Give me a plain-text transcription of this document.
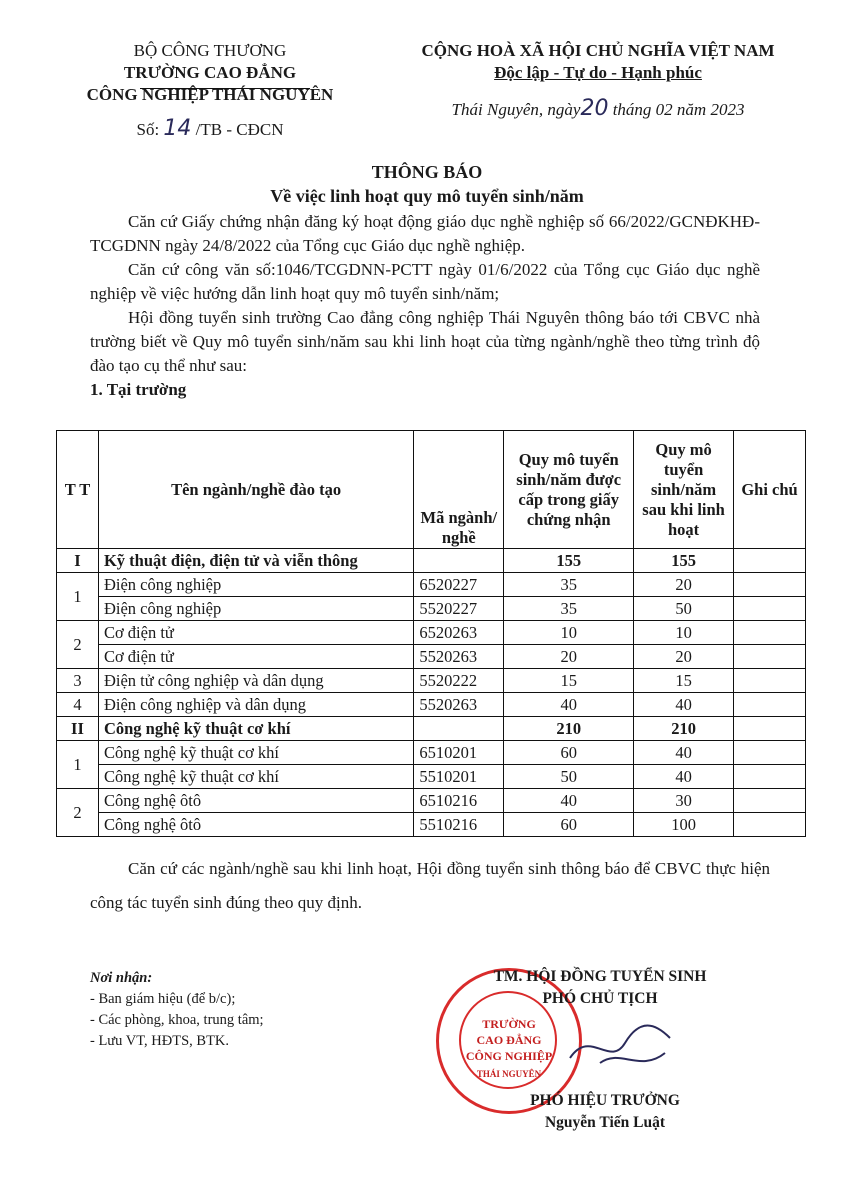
BỘ CÔNG THƯƠNG
TRƯỜNG CAO ĐẲNG
CÔNG NGHIỆP THÁI NGUYÊN
Số: 14 /TB - CĐCN
CỘNG HOÀ XÃ HỘI CHỦ NGHĨA VIỆT NAM
Độc lập - Tự do - Hạnh phúc
Thái Nguyên, ngày20 tháng 02 năm 2023
THÔNG BÁO
Về việc linh hoạt quy mô tuyển sinh/năm
Căn cứ Giấy chứng nhận đăng ký hoạt động giáo dục nghề nghiệp số 66/2022/GCNĐKHĐ-TCGDNN ngày 24/8/2022 của Tổng cục Giáo dục nghề nghiệp.
Căn cứ công văn số:1046/TCGDNN-PCTT ngày 01/6/2022 của Tổng cục Giáo dục nghề nghiệp về việc hướng dẫn linh hoạt quy mô tuyển sinh/năm;
Hội đồng tuyển sinh trường Cao đẳng công nghiệp Thái Nguyên thông báo tới CBVC nhà trường biết về Quy mô tuyển sinh/năm sau khi linh hoạt của từng ngành/nghề theo từng trình độ đào tạo cụ thể như sau:
1. Tại trường
T T	Tên ngành/nghề đào tạo	Mã ngành/ nghề	Quy mô tuyển sinh/năm được cấp trong giấy chứng nhận	Quy mô tuyển sinh/năm sau khi linh hoạt	Ghi chú
I	Kỹ thuật điện, điện tử và viễn thông		155	155	
1	Điện công nghiệp	6520227	35	20	
	Điện công nghiệp	5520227	35	50	
2	Cơ điện tử	6520263	10	10	
	Cơ điện tử	5520263	20	20	
3	Điện tử công nghiệp và dân dụng	5520222	15	15	
4	Điện công nghiệp và dân dụng	5520263	40	40	
II	Công nghệ kỹ thuật cơ khí		210	210	
1	Công nghệ kỹ thuật cơ khí	6510201	60	40	
	Công nghệ kỹ thuật cơ khí	5510201	50	40	
2	Công nghệ ôtô	6510216	40	30	
	Công nghệ ôtô	5510216	60	100	
Căn cứ các ngành/nghề sau khi linh hoạt, Hội đồng tuyển sinh thông báo để CBVC thực hiện công tác tuyển sinh đúng theo quy định.
Nơi nhận:
- Ban giám hiệu (để b/c);
- Các phòng, khoa, trung tâm;
- Lưu VT, HĐTS, BTK.
TRƯỜNG
CAO ĐẲNG
CÔNG NGHIỆP
THÁI NGUYÊN
TM. HỘI ĐỒNG TUYỂN SINH
PHÓ CHỦ TỊCH
PHÓ HIỆU TRƯỞNG
Nguyễn Tiến Luật
